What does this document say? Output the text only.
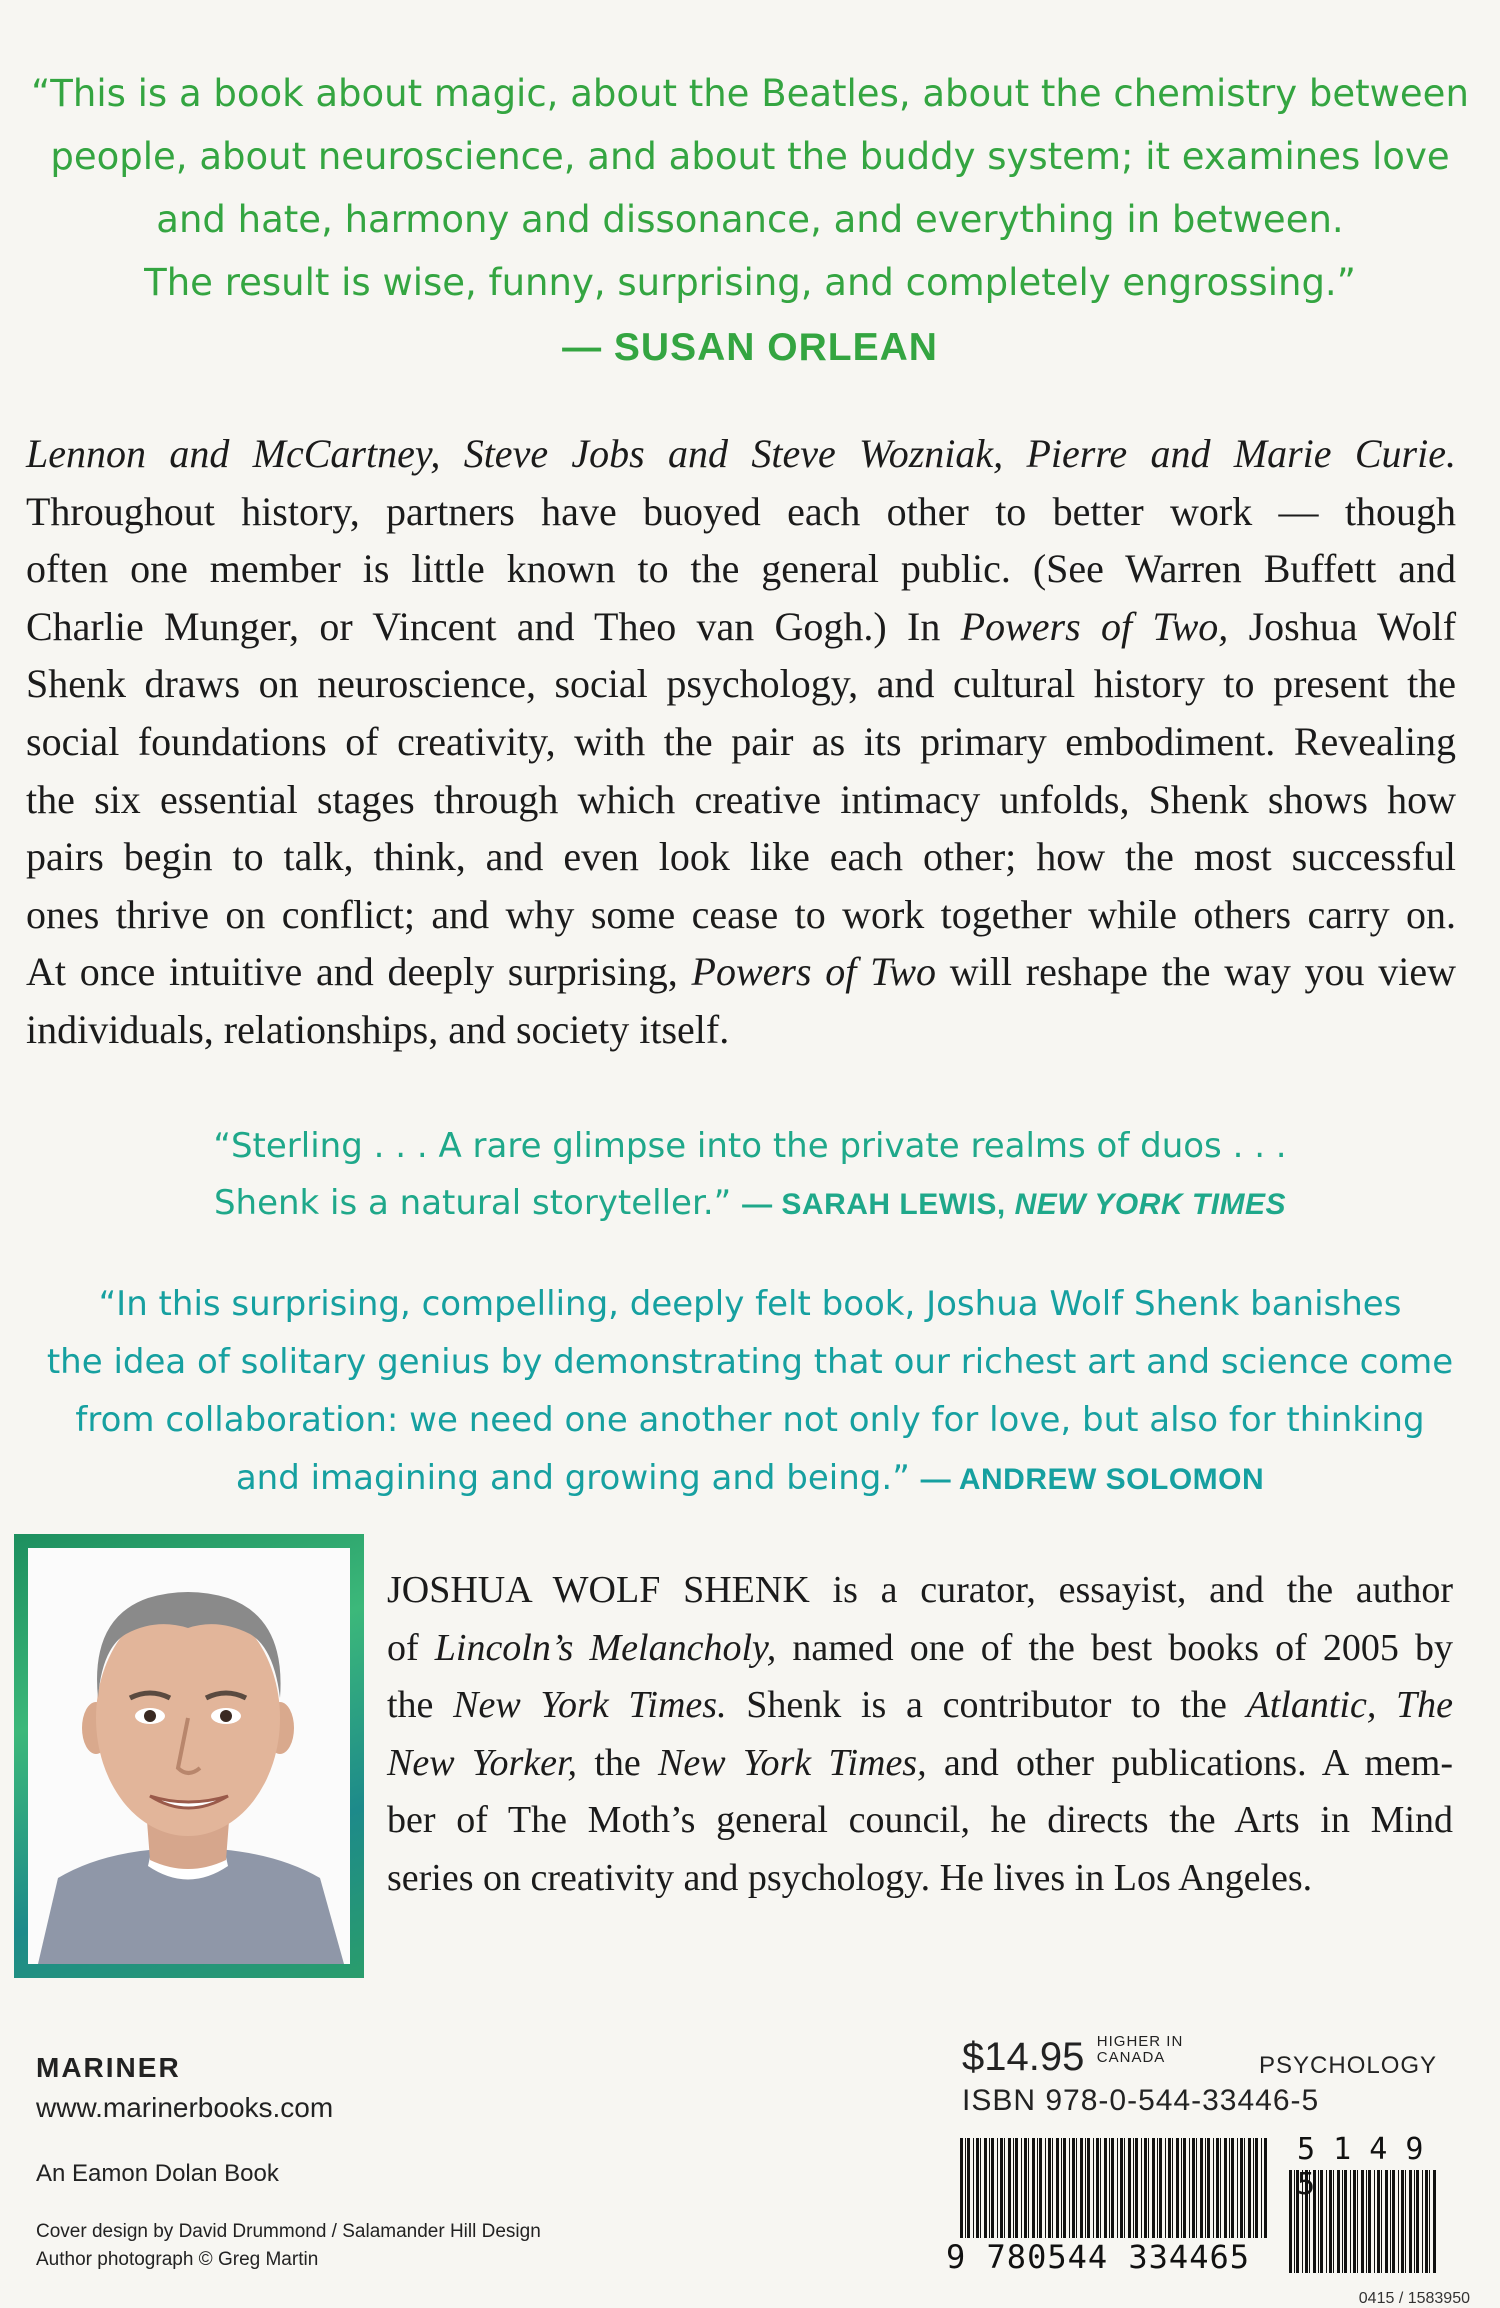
“This is a book about magic, about the Beatles, about the chemistry between
people, about neuroscience, and about the buddy system; it examines love
and hate, harmony and dissonance, and everything in between.
The result is wise, funny, surprising, and completely engrossing.”
— SUSAN ORLEAN
Lennon and McCartney, Steve Jobs and Steve Wozniak, Pierre and Marie Curie.
Throughout history, partners have buoyed each other to better work — though
often one member is little known to the general public. (See Warren Buffett and
Charlie Munger, or Vincent and Theo van Gogh.) In Powers of Two, Joshua Wolf
Shenk draws on neuroscience, social psychology, and cultural history to present the
social foundations of creativity, with the pair as its primary embodiment. Revealing
the six essential stages through which creative intimacy unfolds, Shenk shows how
pairs begin to talk, think, and even look like each other; how the most successful
ones thrive on conflict; and why some cease to work together while others carry on.
At once intuitive and deeply surprising, Powers of Two will reshape the way you view
individuals, relationships, and society itself.
“Sterling . . . A rare glimpse into the private realms of duos . . .
Shenk is a natural storyteller.” — SARAH LEWIS, NEW YORK TIMES
“In this surprising, compelling, deeply felt book, Joshua Wolf Shenk banishes
the idea of solitary genius by demonstrating that our richest art and science come
from collaboration: we need one another not only for love, but also for thinking
and imagining and growing and being.” — ANDREW SOLOMON
JOSHUA WOLF SHENK is a curator, essayist, and the author
of Lincoln’s Melancholy, named one of the best books of 2005 by
the New York Times. Shenk is a contributor to the Atlantic, The
New Yorker, the New York Times, and other publications. A mem-
ber of The Moth’s general council, he directs the Arts in Mind
series on creativity and psychology. He lives in Los Angeles.
MARINER
www.marinerbooks.com
An Eamon Dolan Book
Cover design by David Drummond / Salamander Hill Design
Author photograph © Greg Martin
$14.95 HIGHER IN
CANADA	PSYCHOLOGY
ISBN 978-0-544-33446-5
9 780544 334465
5 1 4 9 5
0415 / 1583950
